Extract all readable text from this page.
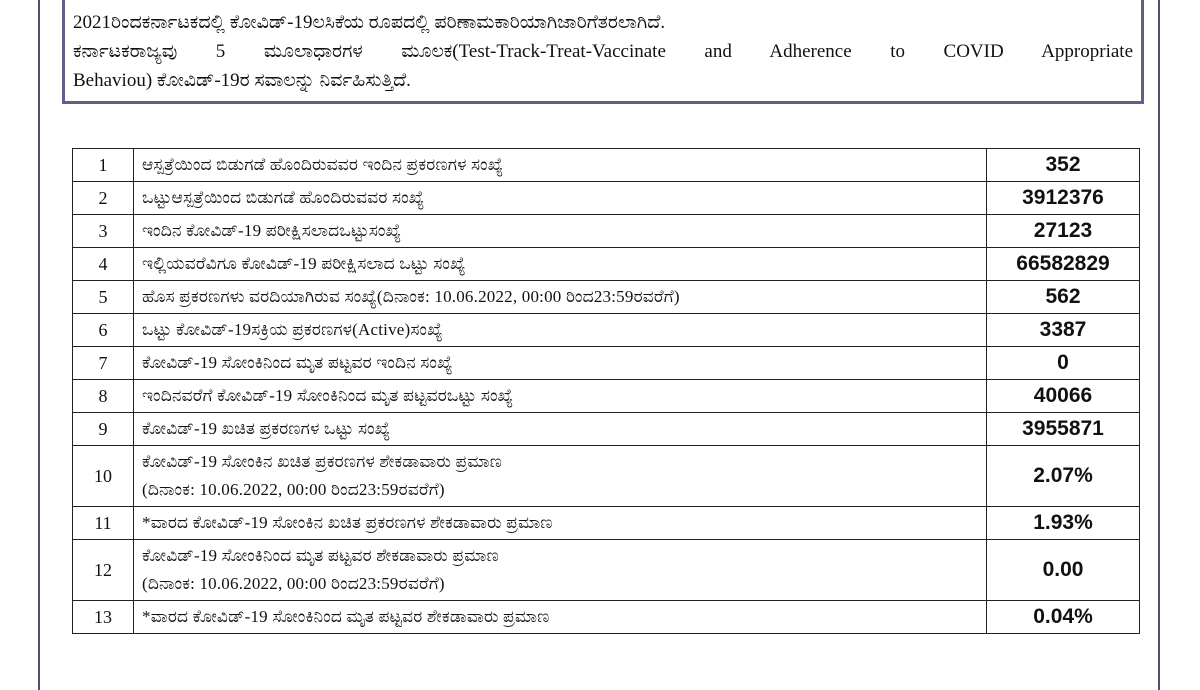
2021ರಿಂದಕರ್ನಾಟಕದಲ್ಲಿ ಕೋವಿಡ್-19ಲಸಿಕೆಯ ರೂಪದಲ್ಲಿ ಪರಿಣಾಮಕಾರಿಯಾಗಿಜಾರಿಗೆತರಲಾಗಿದೆ.
ಕರ್ನಾಟಕರಾಜ್ಯವು 5 ಮೂಲಾಧಾರಗಳ ಮೂಲಕ(Test-Track-Treat-Vaccinate and Adherence to COVID Appropriate
Behaviou) ಕೋವಿಡ್-19ರ ಸವಾಲನ್ನು ನಿರ್ವಹಿಸುತ್ತಿದೆ.
1	ಆಸ್ಪತ್ರೆಯಿಂದ ಬಿಡುಗಡೆ ಹೊಂದಿರುವವರ ಇಂದಿನ ಪ್ರಕರಣಗಳ ಸಂಖ್ಯೆ	352
2	ಒಟ್ಟುಆಸ್ಪತ್ರೆಯಿಂದ ಬಿಡುಗಡೆ ಹೊಂದಿರುವವರ ಸಂಖ್ಯೆ	3912376
3	ಇಂದಿನ ಕೋವಿಡ್-19 ಪರೀಕ್ಷಿಸಲಾದಒಟ್ಟುಸಂಖ್ಯೆ	27123
4	ಇಲ್ಲಿಯವರೆವಿಗೂ ಕೋವಿಡ್-19 ಪರೀಕ್ಷಿಸಲಾದ ಒಟ್ಟು ಸಂಖ್ಯೆ	66582829
5	ಹೊಸ ಪ್ರಕರಣಗಳು ವರದಿಯಾಗಿರುವ ಸಂಖ್ಯೆ(ದಿನಾಂಕ: 10.06.2022, 00:00 ರಿಂದ23:59ರವರೆಗೆ)	562
6	ಒಟ್ಟು ಕೋವಿಡ್-19ಸಕ್ರಿಯ ಪ್ರಕರಣಗಳ(Active)ಸಂಖ್ಯೆ	3387
7	ಕೋವಿಡ್-19 ಸೋಂಕಿನಿಂದ ಮೃತ ಪಟ್ಟವರ ಇಂದಿನ ಸಂಖ್ಯೆ	0
8	ಇಂದಿನವರೆಗೆ ಕೋವಿಡ್-19 ಸೋಂಕಿನಿಂದ ಮೃತ ಪಟ್ಟವರಒಟ್ಟು ಸಂಖ್ಯೆ	40066
9	ಕೋವಿಡ್-19 ಖಚಿತ ಪ್ರಕರಣಗಳ ಒಟ್ಟು ಸಂಖ್ಯೆ	3955871
10	ಕೋವಿಡ್-19 ಸೋಂಕಿನ ಖಚಿತ ಪ್ರಕರಣಗಳ ಶೇಕಡಾವಾರು ಪ್ರಮಾಣ
(ದಿನಾಂಕ: 10.06.2022, 00:00 ರಿಂದ23:59ರವರೆಗೆ)	2.07%
11	*ವಾರದ ಕೋವಿಡ್-19 ಸೋಂಕಿನ ಖಚಿತ ಪ್ರಕರಣಗಳ ಶೇಕಡಾವಾರು ಪ್ರಮಾಣ	1.93%
12	ಕೋವಿಡ್-19 ಸೋಂಕಿನಿಂದ ಮೃತ ಪಟ್ಟವರ ಶೇಕಡಾವಾರು ಪ್ರಮಾಣ
(ದಿನಾಂಕ: 10.06.2022, 00:00 ರಿಂದ23:59ರವರೆಗೆ)	0.00
13	*ವಾರದ ಕೋವಿಡ್-19 ಸೋಂಕಿನಿಂದ ಮೃತ ಪಟ್ಟವರ ಶೇಕಡಾವಾರು ಪ್ರಮಾಣ	0.04%
